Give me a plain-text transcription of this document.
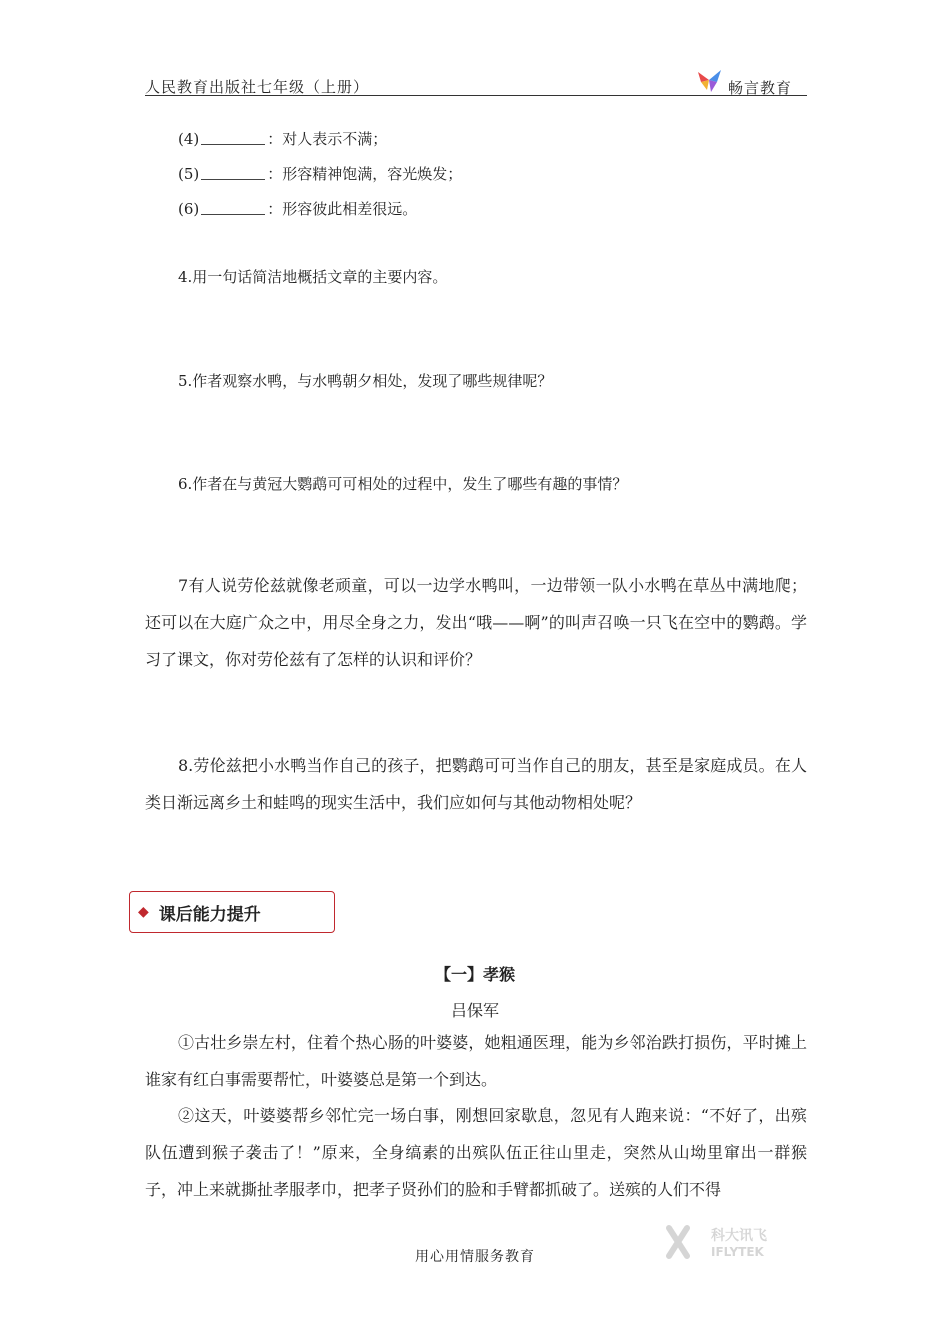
人民教育出版社七年级（上册）	畅言教育
(4)	：对人表示不满；
(5)	：形容精神饱满，容光焕发；
(6)	：形容彼此相差很远。
4.用一句话简洁地概括文章的主要内容。
5.作者观察水鸭，与水鸭朝夕相处，发现了哪些规律呢？
6.作者在与黄冠大鹦鹉可可相处的过程中，发生了哪些有趣的事情？
7有人说劳伦兹就像老顽童，可以一边学水鸭叫，一边带领一队小水鸭在草丛中满地爬；还可以在大庭广众之中，用尽全身之力，发出“哦——啊”的叫声召唤一只飞在空中的鹦鹉。学习了课文，你对劳伦兹有了怎样的认识和评价？
8.劳伦兹把小水鸭当作自己的孩子，把鹦鹉可可当作自己的朋友，甚至是家庭成员。在人类日渐远离乡土和蛙鸣的现实生活中，我们应如何与其他动物相处呢？
◆ 课后能力提升
【一】孝猴
吕保军
①古壮乡崇左村，住着个热心肠的叶婆婆，她粗通医理，能为乡邻治跌打损伤，平时摊上谁家有红白事需要帮忙，叶婆婆总是第一个到达。
②这天，叶婆婆帮乡邻忙完一场白事，刚想回家歇息，忽见有人跑来说：“不好了，出殡队伍遭到猴子袭击了！”原来，全身缟素的出殡队伍正往山里走，突然从山坳里窜出一群猴子，冲上来就撕扯孝服孝巾，把孝子贤孙们的脸和手臂都抓破了。送殡的人们不得
科大讯飞
IFLYTEK
用心用情服务教育
